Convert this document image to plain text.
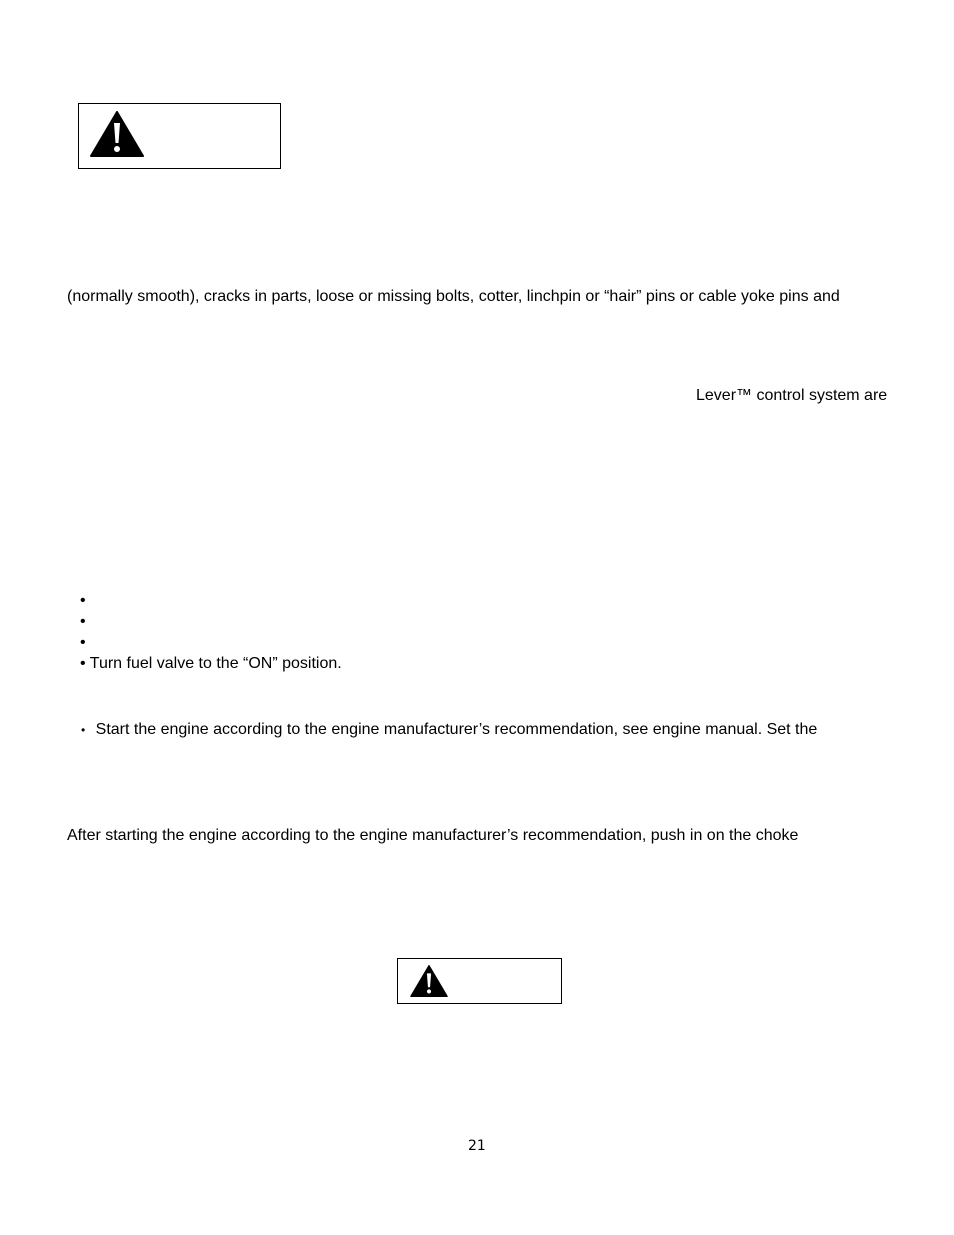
(normally smooth), cracks in parts, loose or missing bolts, cotter, linchpin or “hair” pins or cable yoke pins and
Lever™ control system are
•
•
•
• Turn fuel valve to the “ON” position.
• Start the engine according to the engine manufacturer’s recommendation, see engine manual. Set the
After starting the engine according to the engine manufacturer’s recommendation, push in on the choke
21
